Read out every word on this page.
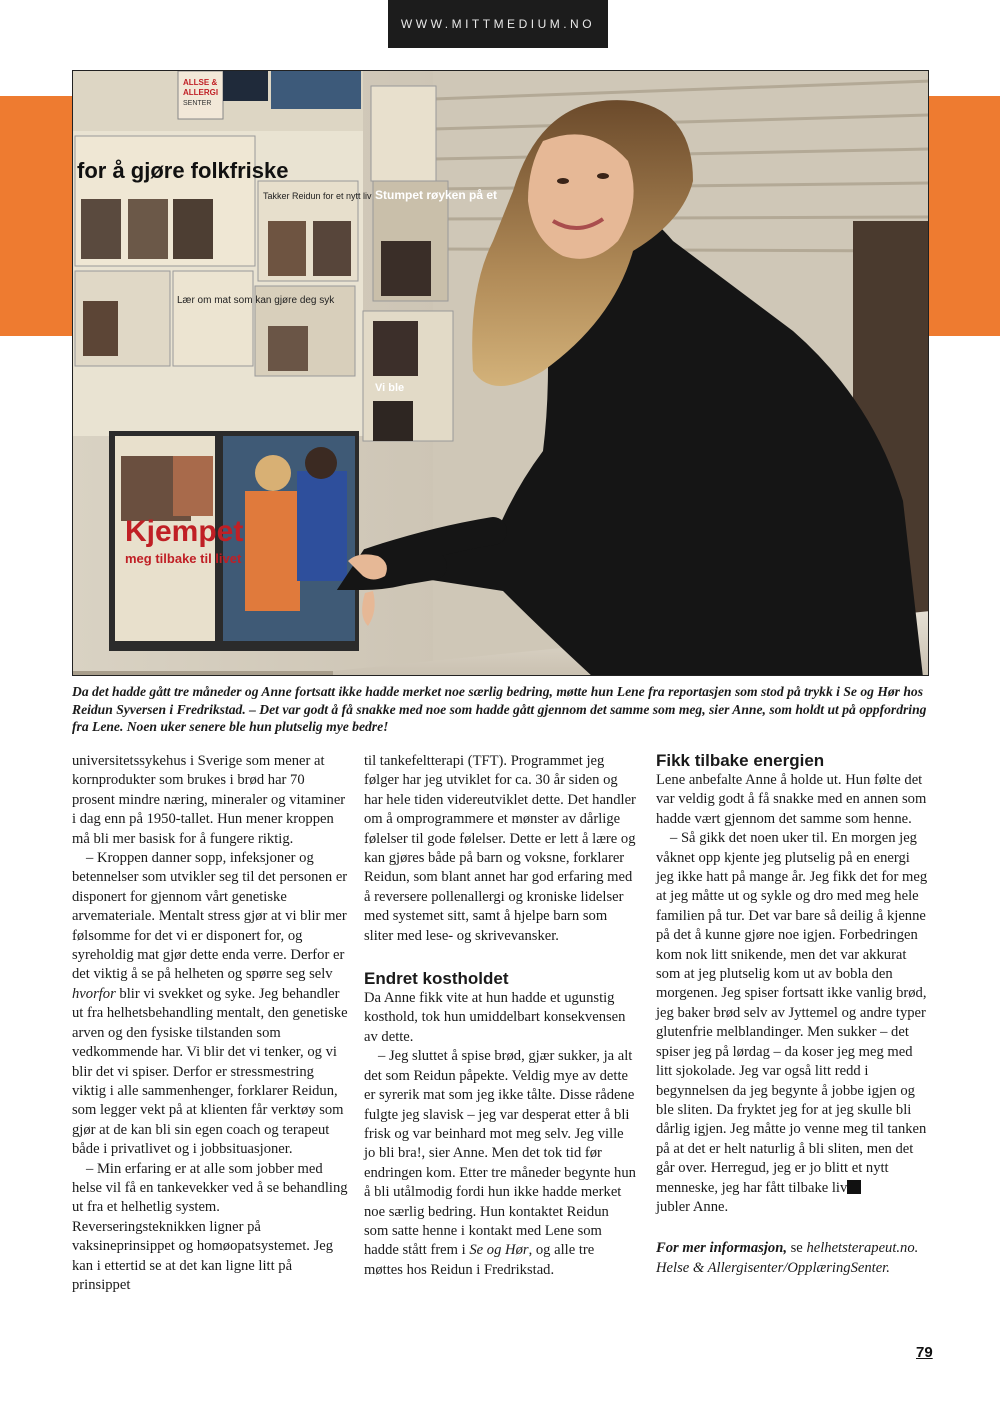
WWW.MITTMEDIUM.NO
for å gjøre folkfriske
Takker Reidun for et nytt liv Stumpet røyken på et
Lær om mat som kan gjøre deg syk
Kjempet
meg tilbake til livet
ALLSE &
ALLERGI
SENTER
Vi ble

Da det hadde gått tre måneder og Anne fortsatt ikke hadde merket noe særlig bedring, møtte hun Lene fra reportasjen som stod på trykk i Se og Hør hos Reidun Syversen i Fredrikstad. – Det var godt å få snakke med noe som hadde gått gjennom det samme som meg, sier Anne, som holdt ut på oppfordring fra Lene. Noen uker senere ble hun plutselig mye bedre!

universitetssykehus i Sverige som mener at kornprodukter som brukes i brød har 70 prosent mindre næring, mineraler og vitaminer i dag enn på 1950-tallet. Hun mener kroppen må bli mer basisk for å fungere riktig.

– Kroppen danner sopp, infeksjoner og betennelser som utvikler seg til det personen er disponert for gjennom vårt genetiske arvemateriale. Mentalt stress gjør at vi blir mer følsomme for det vi er disponert for, og syreholdig mat gjør dette enda verre. Derfor er det viktig å se på helheten og spørre seg selv hvorfor blir vi svekket og syke. Jeg behandler ut fra helhetsbehandling mentalt, den genetiske arven og den fysiske tilstanden som vedkommende har. Vi blir det vi tenker, og vi blir det vi spiser. Derfor er stressmestring viktig i alle sammenhenger, forklarer Reidun, som legger vekt på at klienten får verktøy som gjør at de kan bli sin egen coach og terapeut både i privatlivet og i jobbsituasjoner.

– Min erfaring er at alle som jobber med helse vil få en tankevekker ved å se behandling ut fra et helhetlig system. Reverseringsteknikken ligner på vaksineprinsippet og homøopatsystemet. Jeg kan i ettertid se at det kan ligne litt på prinsippet

til tankefeltterapi (TFT). Programmet jeg følger har jeg utviklet for ca. 30 år siden og har hele tiden videreutviklet dette. Det handler om å omprogrammere et mønster av dårlige følelser til gode følelser. Dette er lett å lære og kan gjøres både på barn og voksne, forklarer Reidun, som blant annet har god erfaring med å reversere pollenallergi og kroniske lidelser med systemet sitt, samt å hjelpe barn som sliter med lese- og skrivevansker.

Endret kostholdet

Da Anne fikk vite at hun hadde et ugunstig kosthold, tok hun umiddelbart konsekvensen av dette.

– Jeg sluttet å spise brød, gjær sukker, ja alt det som Reidun påpekte. Veldig mye av dette er syrerik mat som jeg ikke tålte. Disse rådene fulgte jeg slavisk – jeg var desperat etter å bli frisk og var beinhard mot meg selv. Jeg ville jo bli bra!, sier Anne. Men det tok tid før endringen kom. Etter tre måneder begynte hun å bli utålmodig fordi hun ikke hadde merket noe særlig bedring. Hun kontaktet Reidun som satte henne i kontakt med Lene som hadde stått frem i Se og Hør, og alle tre møttes hos Reidun i Fredrikstad.

Fikk tilbake energien

Lene anbefalte Anne å holde ut. Hun følte det var veldig godt å få snakke med en annen som hadde vært gjennom det samme som henne.

– Så gikk det noen uker til. En morgen jeg våknet opp kjente jeg plutselig på en energi jeg ikke hatt på mange år. Jeg fikk det for meg at jeg måtte ut og sykle og dro med meg hele familien på tur. Det var bare så deilig å kjenne på det å kunne gjøre noe igjen. Forbedringen kom nok litt snikende, men det var akkurat som at jeg plutselig kom ut av bobla den morgenen. Jeg spiser fortsatt ikke vanlig brød, jeg baker brød selv av Jyttemel og andre typer glutenfrie melblandinger. Men sukker – det spiser jeg på lørdag – da koser jeg meg med litt sjokolade. Jeg var også litt redd i begynnelsen da jeg begynte å jobbe igjen og ble sliten. Da fryktet jeg for at jeg skulle bli dårlig igjen. Jeg måtte jo venne meg til tanken på at det er helt naturlig å bli sliten, men det går over. Herregud, jeg er jo blitt et nytt menneske, jeg har fått tilbake liv
jubler Anne.

For mer informasjon, se helhetsterapeut.no.
Helse & Allergisenter/OpplæringSenter.

79
